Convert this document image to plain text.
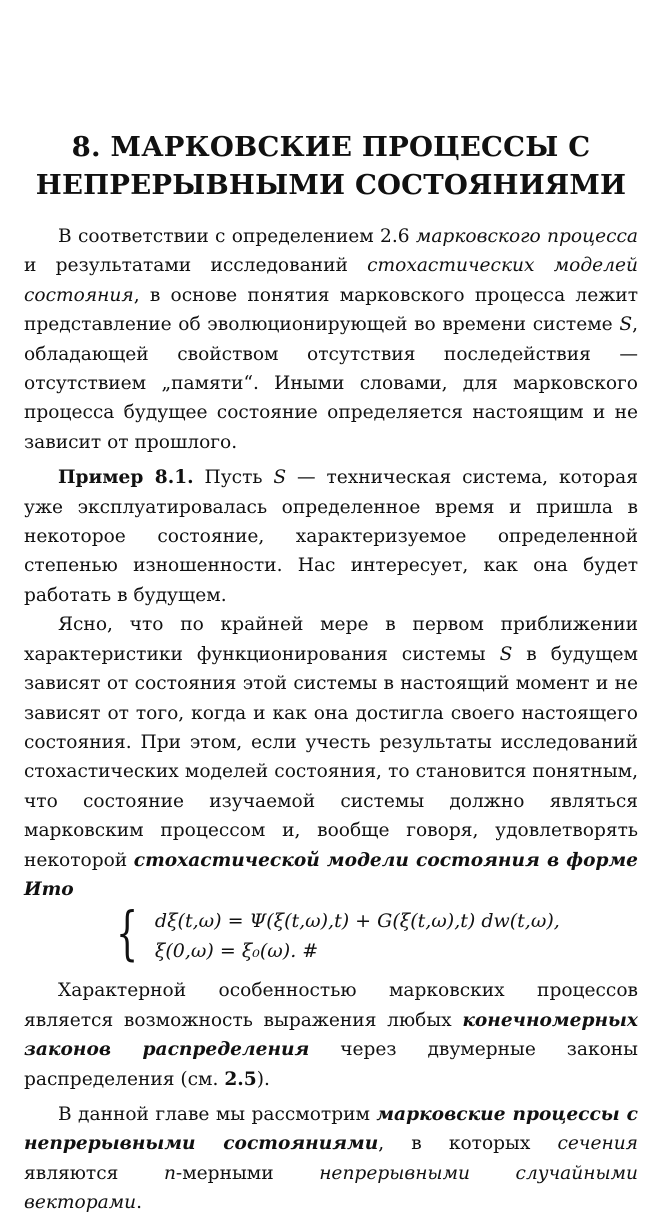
8. МАРКОВСКИЕ ПРОЦЕССЫ С
НЕПРЕРЫВНЫМИ СОСТОЯНИЯМИ

В соответствии с определением 2.6 марковского процесса и результатами исследований стохастических моделей состояния, в основе понятия марковского процесса лежит представление об эволюционирующей во времени системе S, обладающей свойством отсутствия последействия — отсутствием „памяти“. Иными словами, для марковского процесса будущее состояние определяется настоящим и не зависит от прошлого.

Пример 8.1. Пусть S — техническая система, которая уже эксплуатировалась определенное время и пришла в некоторое состояние, характеризуемое определенной степенью изношенности. Нас интересует, как она будет работать в будущем.

Ясно, что по крайней мере в первом приближении характеристики функционирования системы S в будущем зависят от состояния этой системы в настоящий момент и не зависят от того, когда и как она достигла своего настоящего состояния. При этом, если учесть результаты исследований стохастических моделей состояния, то становится понятным, что состояние изучаемой системы должно являться марковским процессом и, вообще говоря, удовлетворять некоторой стохастической модели состояния в форме Ито

{ dξ(t,ω) = Ψ(ξ(t,ω),t) + G(ξ(t,ω),t) dw(t,ω),
ξ(0,ω) = ξ₀(ω). #

Характерной особенностью марковских процессов является возможность выражения любых конечномерных законов распределения через двумерные законы распределения (см. 2.5).

В данной главе мы рассмотрим марковские процессы с непрерывными состояниями, в которых сечения являются n-мерными непрерывными случайными векторами.
